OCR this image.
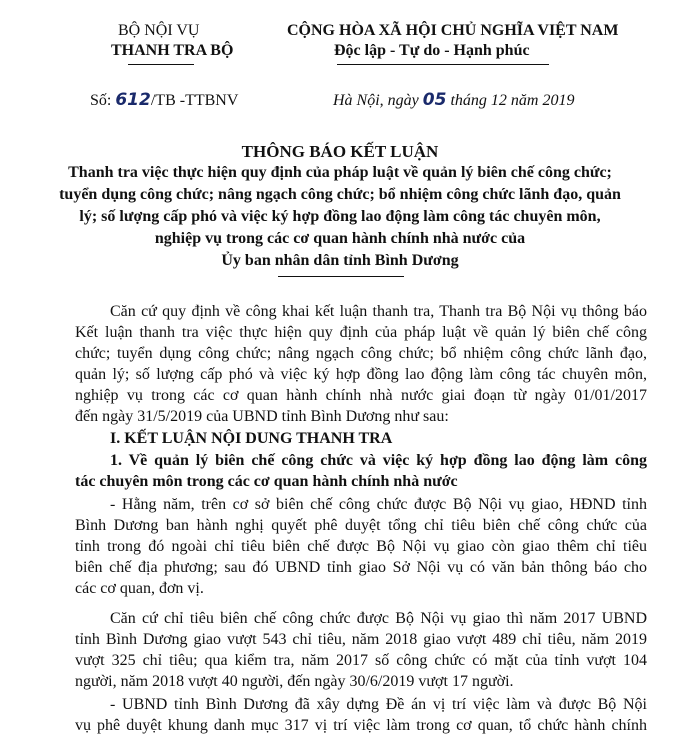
BỘ NỘI VỤ
THANH TRA BỘ
CỘNG HÒA XÃ HỘI CHỦ NGHĨA VIỆT NAM
Độc lập - Tự do - Hạnh phúc
Số: 612/TB -TTBNV	Hà Nội, ngày 05 tháng 12 năm 2019
THÔNG BÁO KẾT LUẬN
Thanh tra việc thực hiện quy định của pháp luật về quản lý biên chế công chức;
tuyển dụng công chức; nâng ngạch công chức; bổ nhiệm công chức lãnh đạo, quản
lý; số lượng cấp phó và việc ký hợp đồng lao động làm công tác chuyên môn,
nghiệp vụ trong các cơ quan hành chính nhà nước của
Ủy ban nhân dân tỉnh Bình Dương
Căn cứ quy định về công khai kết luận thanh tra, Thanh tra Bộ Nội vụ thông báo
Kết luận thanh tra việc thực hiện quy định của pháp luật về quản lý biên chế công
chức; tuyển dụng công chức; nâng ngạch công chức; bổ nhiệm công chức lãnh đạo,
quản lý; số lượng cấp phó và việc ký hợp đồng lao động làm công tác chuyên môn,
nghiệp vụ trong các cơ quan hành chính nhà nước giai đoạn từ ngày 01/01/2017
đến ngày 31/5/2019 của UBND tỉnh Bình Dương như sau:
I. KẾT LUẬN NỘI DUNG THANH TRA
1. Về quản lý biên chế công chức và việc ký hợp đồng lao động làm công
tác chuyên môn trong các cơ quan hành chính nhà nước
- Hằng năm, trên cơ sở biên chế công chức được Bộ Nội vụ giao, HĐND tỉnh
Bình Dương ban hành nghị quyết phê duyệt tổng chỉ tiêu biên chế công chức của
tỉnh trong đó ngoài chỉ tiêu biên chế được Bộ Nội vụ giao còn giao thêm chỉ tiêu
biên chế địa phương; sau đó UBND tỉnh giao Sở Nội vụ có văn bản thông báo cho
các cơ quan, đơn vị.
Căn cứ chỉ tiêu biên chế công chức được Bộ Nội vụ giao thì năm 2017 UBND
tỉnh Bình Dương giao vượt 543 chỉ tiêu, năm 2018 giao vượt 489 chỉ tiêu, năm 2019
vượt 325 chỉ tiêu; qua kiểm tra, năm 2017 số công chức có mặt của tỉnh vượt 104
người, năm 2018 vượt 40 người, đến ngày 30/6/2019 vượt 17 người.
- UBND tỉnh Bình Dương đã xây dựng Đề án vị trí việc làm và được Bộ Nội
vụ phê duyệt khung danh mục 317 vị trí việc làm trong cơ quan, tổ chức hành chính
